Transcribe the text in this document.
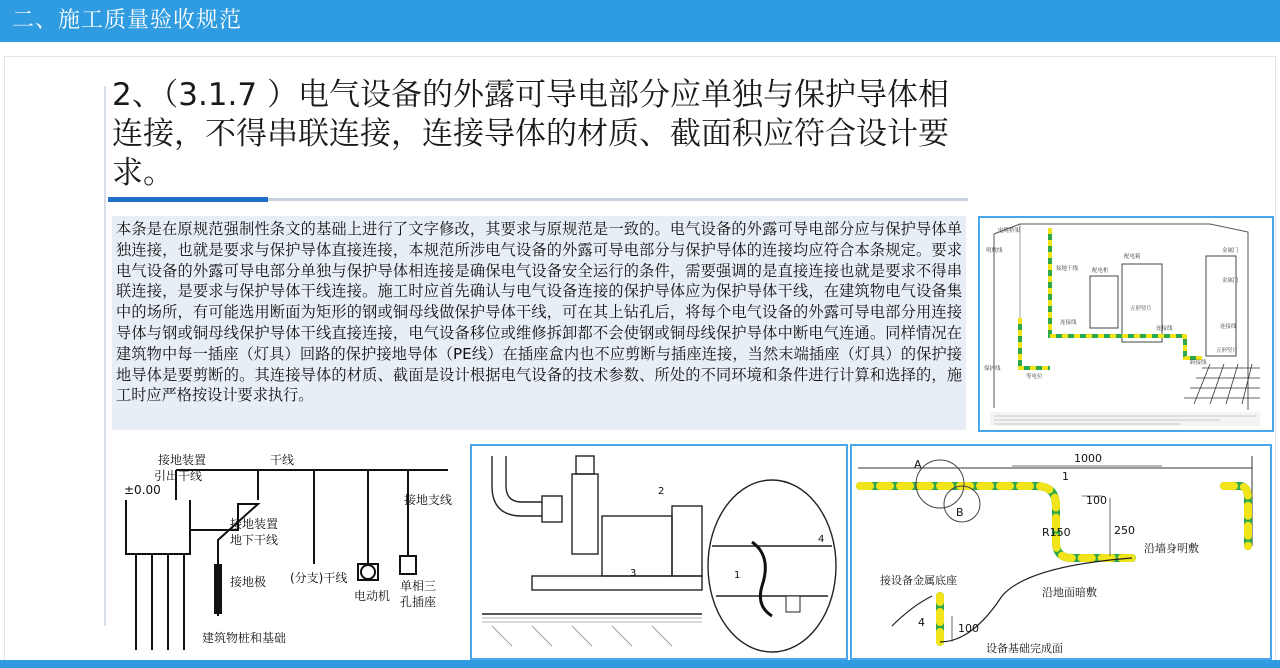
二、施工质量验收规范
2、（3.1.7 ）电气设备的外露可导电部分应单独与保护导体相连接，不得串联连接，连接导体的材质、截面积应符合设计要求。
本条是在原规范强制性条文的基础上进行了文字修改，其要求与原规范是一致的。电气设备的外露可导电部分应与保护导体单独连接，也就是要求与保护导体直接连接，本规范所涉电气设备的外露可导电部分与保护导体的连接均应符合本条规定。要求电气设备的外露可导电部分单独与保护导体相连接是确保电气设备安全运行的条件，需要强调的是直接连接也就是要求不得串联连接，是要求与保护导体干线连接。施工时应首先确认与电气设备连接的保护导体应为保护导体干线，在建筑物电气设备集中的场所，有可能选用断面为矩形的钢或铜母线做保护导体干线，可在其上钻孔后，将每个电气设备的外露可导电部分用连接导体与钢或铜母线保护导体干线直接连接，电气设备移位或维修拆卸都不会使钢或铜母线保护导体中断电气连通。同样情况在建筑物中每一插座（灯具）回路的保护接地导体（PE线）在插座盒内也不应剪断与插座连接，当然末端插座（灯具）的保护接地导体是要剪断的。其连接导体的材质、截面是设计根据电气设备的技术参数、所处的不同环境和条件进行计算和选择的，施工时应严格按设计要求执行。
电缆桥架
明敷线
接地干线
配电箱
配电柜
金属门
五形竖片
连接线
连接线	连接线
金属门
等电位
五形竖片
跨接线
保护线
接地装置
引出干线
±0.00
干线
接地支线
接地装置
地下干线
接地极 (分支)干线
电动机
单相三
孔插座
建筑物桩和基础
1
2
3
4
1000
100
250
R150
A
B
1
4
沿墙身明敷
接设备金属底座
沿地面暗敷
100
设备基础完成面
